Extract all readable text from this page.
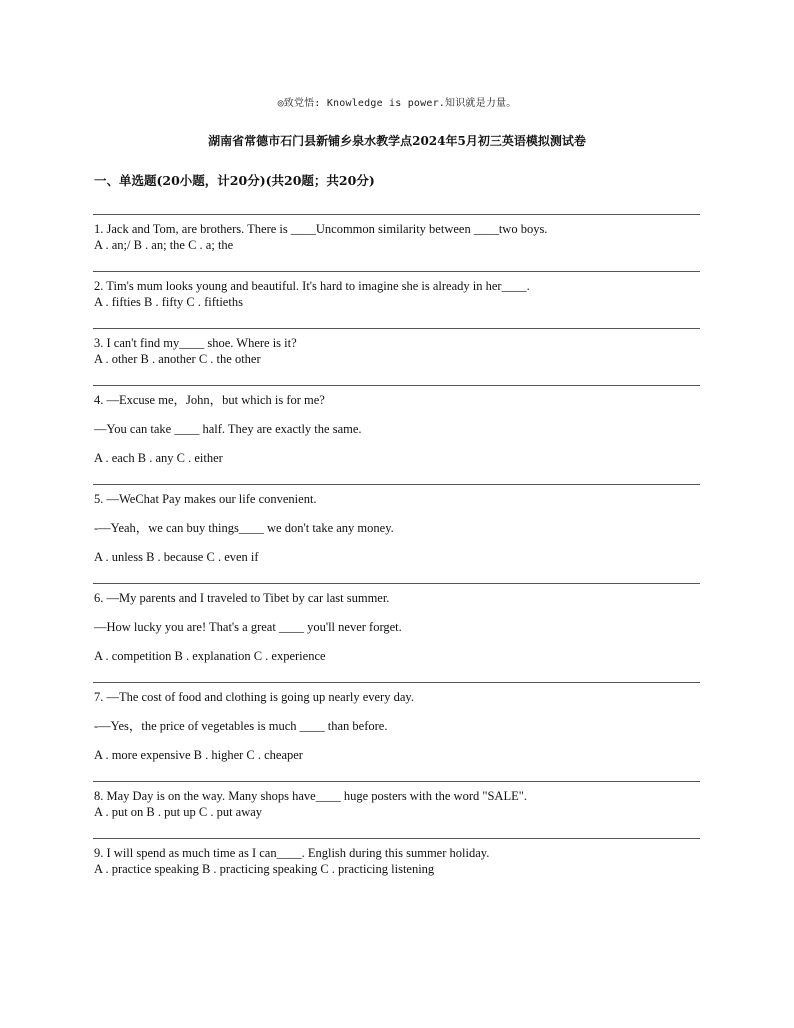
◎致党悟: Knowledge is power.知识就是力量。
湖南省常德市石门县新铺乡泉水教学点2024年5月初三英语模拟测试卷
一、单选题(20小题，计20分)(共20题；共20分)
1. Jack and Tom, are brothers. There is ____Uncommon similarity between ____two boys.
A . an;/ B . an; the C . a; the
2. Tim's mum looks young and beautiful. It's hard to imagine she is already in her____.
A . fifties B . fifty C . fiftieths
3. I can't find my____ shoe. Where is it?
A . other B . another C . the other
4. —Excuse me，John，but which is for me?
—You can take ____ half. They are exactly the same.
A . each B . any C . either
5. —WeChat Pay makes our life convenient.
-—Yeah，we can buy things____ we don't take any money.
A . unless B . because C . even if
6. —My parents and I traveled to Tibet by car last summer.
—How lucky you are! That's a great ____ you'll never forget.
A . competition B . explanation C . experience
7. —The cost of food and clothing is going up nearly every day.
-—Yes，the price of vegetables is much ____ than before.
A . more expensive B . higher C . cheaper
8. May Day is on the way. Many shops have____ huge posters with the word "SALE".
A . put on B . put up C . put away
9. I will spend as much time as I can____. English during this summer holiday.
A . practice speaking B . practicing speaking C . practicing listening
